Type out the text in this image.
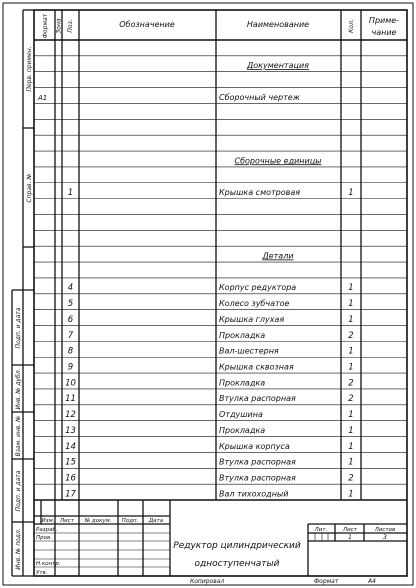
Формат Зона Поз.	Обозначение	Наименование	Кол. Приме-
чание
Документация
А1	Сборочный чертеж
Сборочные единицы
1	Крышка смотровая	1
Детали
4	Корпус редуктора	1
5	Колесо зубчатое	1
6	Крышка глухая	1
7	Прокладка	2
8	Вал-шестерня	1
9	Крышка сквозная	1
10	Прокладка	2
11	Втулка распорная	2
12	Отдушина	1
13	Прокладка	1
14	Крышка корпуса	1
15	Втулка распорная	1
16	Втулка распорная	2
17	Вал тихоходный	1
Перв. примен.
Справ. №
Подп. и дата
Инв. № дубл.
Взам. инв. №
Подп. и дата
Инв. № подл.
Изм. Лист № докум. Подп. Дата
Разраб.
Пров.
Н.контр.
Утв.
Редуктор цилиндрический
одноступенчатый
Лит.	Лист	Листов
1	3
Копировал	Формат	А4
